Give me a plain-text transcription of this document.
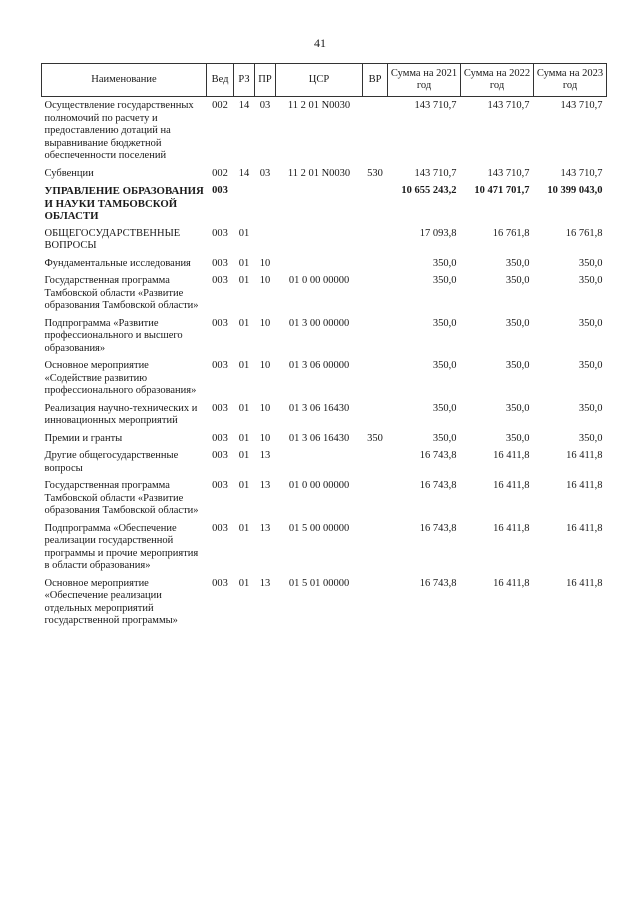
41
Наименование	Вед	РЗ	ПР	ЦСР	ВР	Сумма на 2021 год	Сумма на 2022 год	Сумма на 2023 год
Осуществление государственных полномочий по расчету и предоставлению дотаций на выравнивание бюджетной обеспеченности поселений	002	14	03	11 2 01 N0030		143 710,7	143 710,7	143 710,7
Субвенции	002	14	03	11 2 01 N0030	530	143 710,7	143 710,7	143 710,7
УПРАВЛЕНИЕ ОБРАЗОВАНИЯ И НАУКИ ТАМБОВСКОЙ ОБЛАСТИ	003					10 655 243,2	10 471 701,7	10 399 043,0
ОБЩЕГОСУДАРСТВЕННЫЕ ВОПРОСЫ	003	01				17 093,8	16 761,8	16 761,8
Фундаментальные исследования	003	01	10			350,0	350,0	350,0
Государственная программа Тамбовской области «Развитие образования Тамбовской области»	003	01	10	01 0 00 00000		350,0	350,0	350,0
Подпрограмма «Развитие профессионального и высшего образования»	003	01	10	01 3 00 00000		350,0	350,0	350,0
Основное мероприятие «Содействие развитию профессионального образования»	003	01	10	01 3 06 00000		350,0	350,0	350,0
Реализация научно-технических и инновационных мероприятий	003	01	10	01 3 06 16430		350,0	350,0	350,0
Премии и гранты	003	01	10	01 3 06 16430	350	350,0	350,0	350,0
Другие общегосударственные вопросы	003	01	13			16 743,8	16 411,8	16 411,8
Государственная программа Тамбовской области «Развитие образования Тамбовской области»	003	01	13	01 0 00 00000		16 743,8	16 411,8	16 411,8
Подпрограмма «Обеспечение реализации государственной программы и прочие мероприятия в области образования»	003	01	13	01 5 00 00000		16 743,8	16 411,8	16 411,8
Основное мероприятие «Обеспечение реализации отдельных мероприятий государственной программы»	003	01	13	01 5 01 00000		16 743,8	16 411,8	16 411,8
